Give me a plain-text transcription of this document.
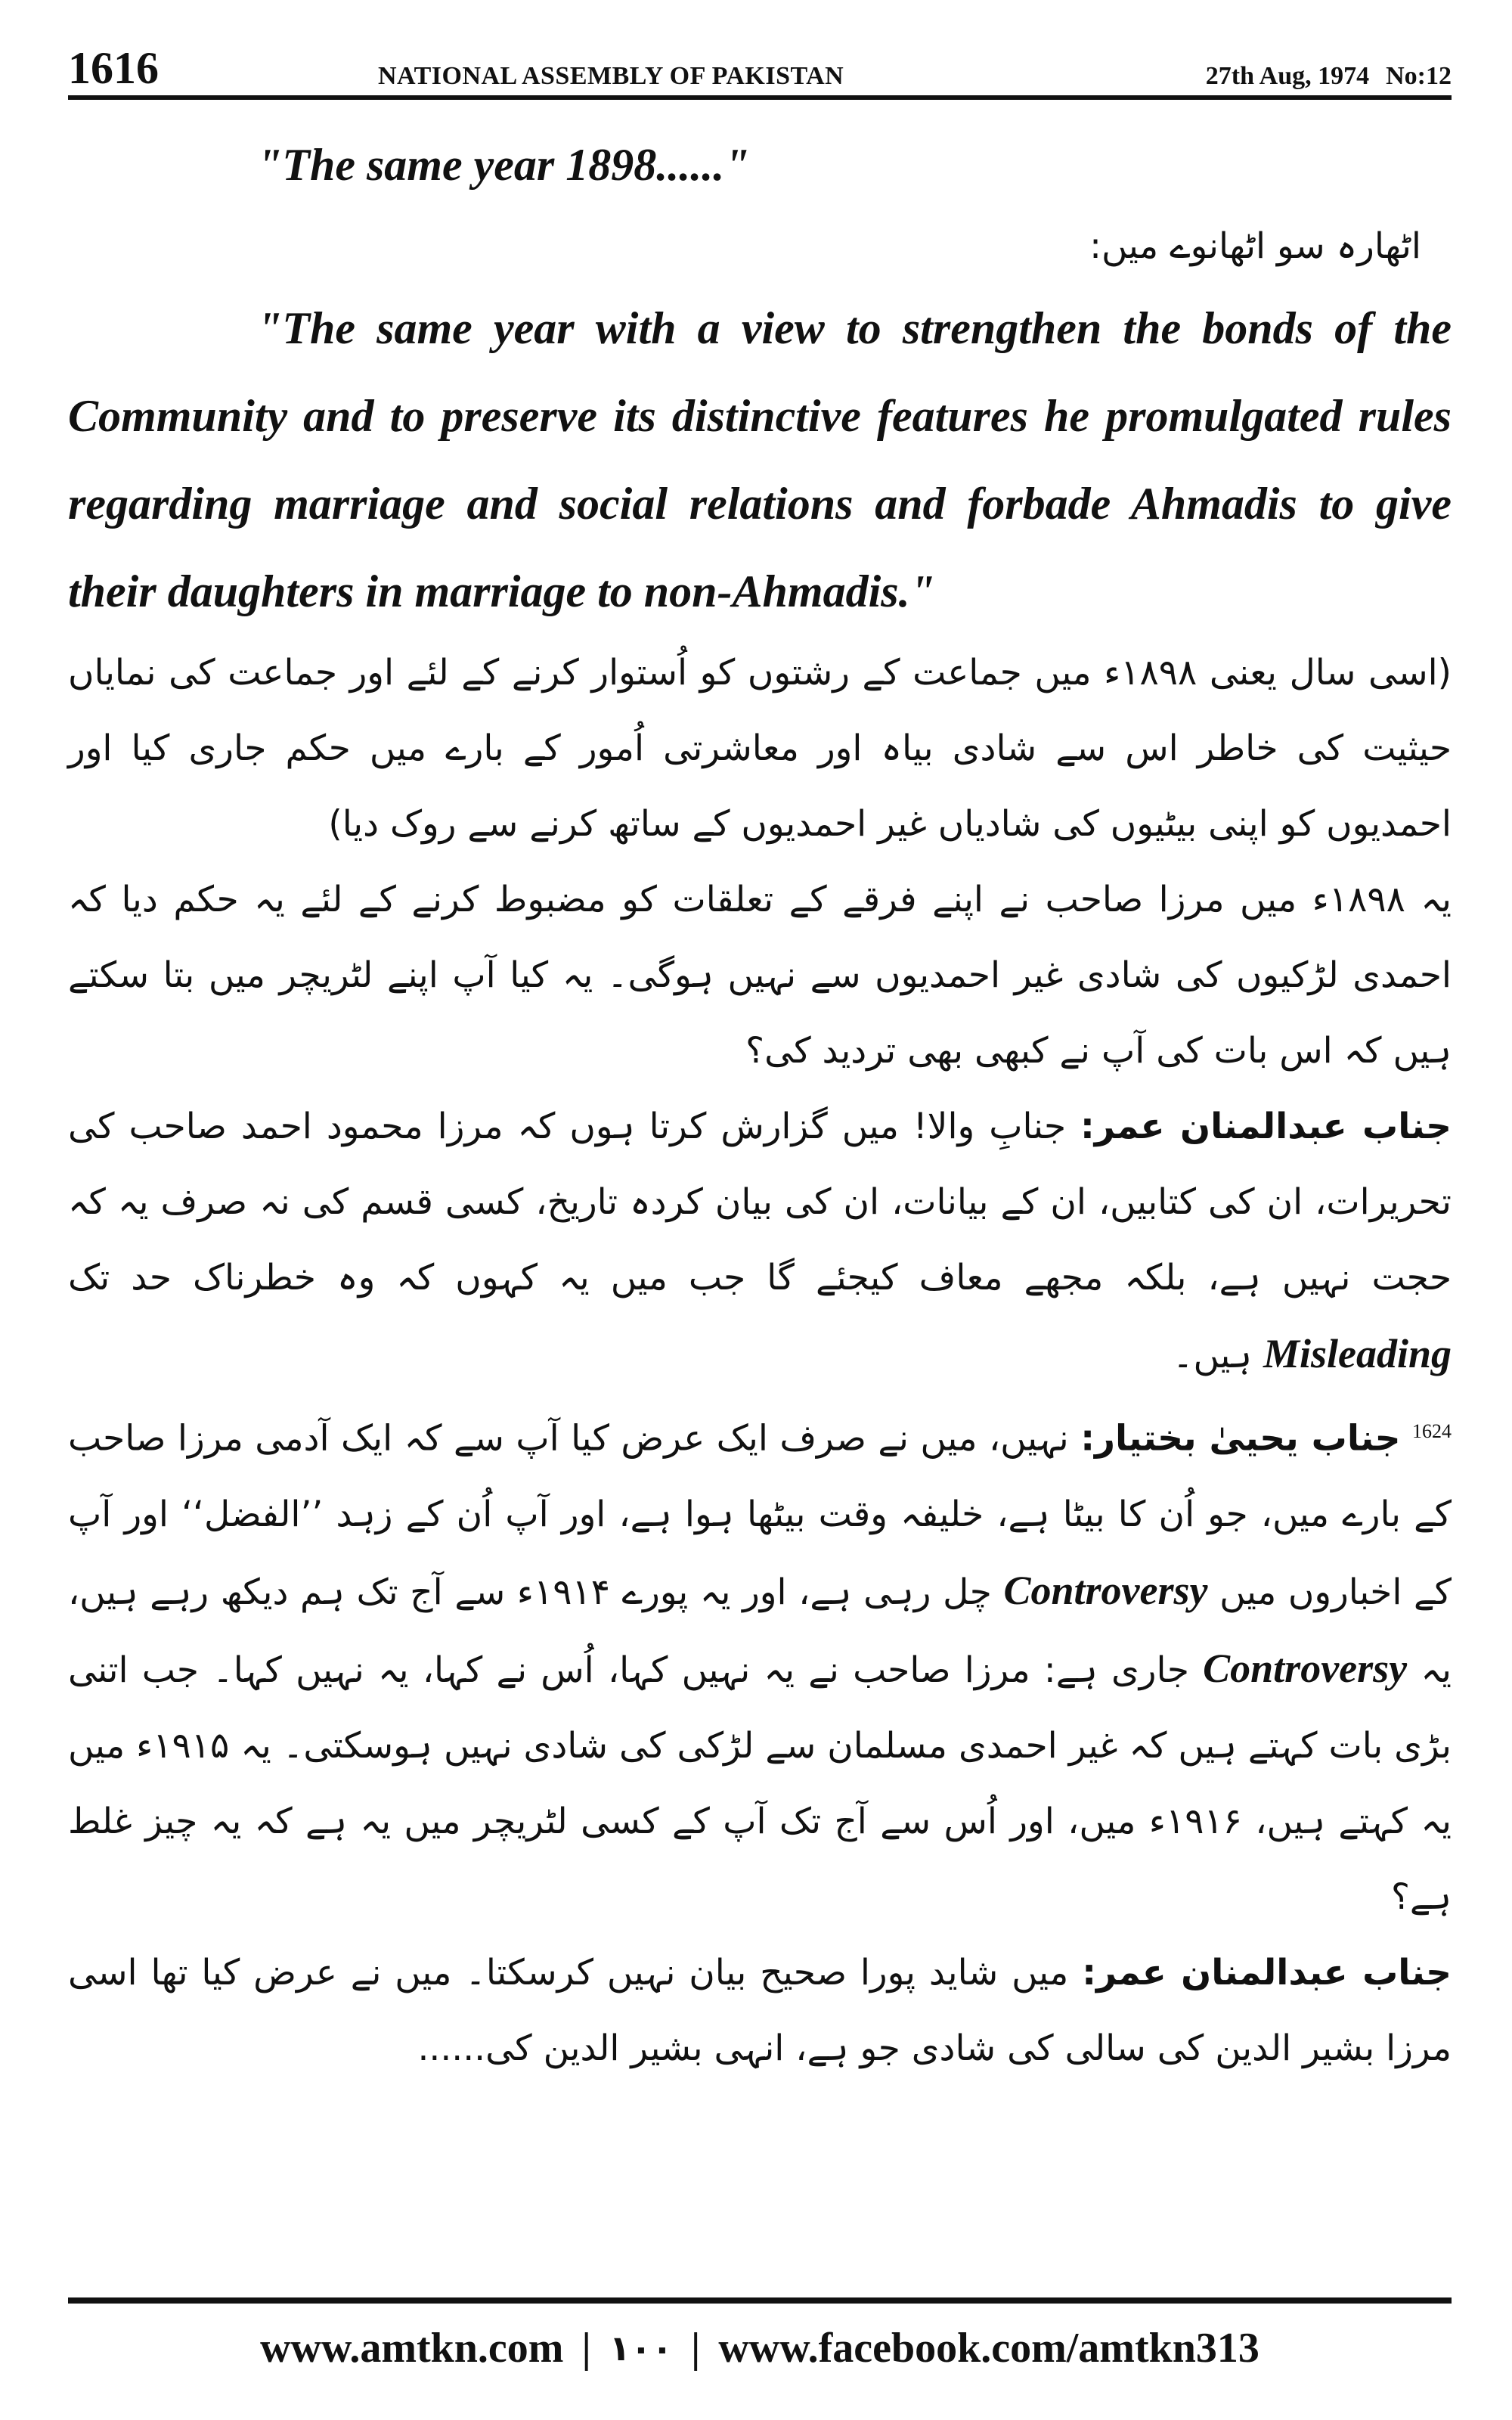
1616	NATIONAL ASSEMBLY OF PAKISTAN	27th Aug, 1974 No:12

"The same year 1898......"

اٹھارہ سو اٹھانوے میں:

"The same year with a view to strengthen the bonds of the Community and to preserve its distinctive features he promulgated rules regarding marriage and social relations and forbade Ahmadis to give their daughters in marriage to non-Ahmadis."

(اسی سال یعنی ۱۸۹۸ء میں جماعت کے رشتوں کو اُستوار کرنے کے لئے اور جماعت کی نمایاں حیثیت کی خاطر اس سے شادی بیاہ اور معاشرتی اُمور کے بارے میں حکم جاری کیا اور احمدیوں کو اپنی بیٹیوں کی شادیاں غیر احمدیوں کے ساتھ کرنے سے روک دیا)

یہ ۱۸۹۸ء میں مرزا صاحب نے اپنے فرقے کے تعلقات کو مضبوط کرنے کے لئے یہ حکم دیا کہ احمدی لڑکیوں کی شادی غیر احمدیوں سے نہیں ہوگی۔ یہ کیا آپ اپنے لٹریچر میں بتا سکتے ہیں کہ اس بات کی آپ نے کبھی بھی تردید کی؟

جناب عبدالمنان عمر: جنابِ والا! میں گزارش کرتا ہوں کہ مرزا محمود احمد صاحب کی تحریرات، ان کی کتابیں، ان کے بیانات، ان کی بیان کردہ تاریخ، کسی قسم کی نہ صرف یہ کہ حجت نہیں ہے، بلکہ مجھے معاف کیجئے گا جب میں یہ کہوں کہ وہ خطرناک حد تک Misleading ہیں۔

$^{1624}$ جناب یحییٰ بختیار: نہیں، میں نے صرف ایک عرض کیا آپ سے کہ ایک آدمی مرزا صاحب کے بارے میں، جو اُن کا بیٹا ہے، خلیفہ وقت بیٹھا ہوا ہے، اور آپ اُن کے زہد ’’الفضل‘‘ اور آپ کے اخباروں میں Controversy چل رہی ہے، اور یہ پورے ۱۹۱۴ء سے آج تک ہم دیکھ رہے ہیں، یہ Controversy جاری ہے: مرزا صاحب نے یہ نہیں کہا، اُس نے کہا، یہ نہیں کہا۔ جب اتنی بڑی بات کہتے ہیں کہ غیر احمدی مسلمان سے لڑکی کی شادی نہیں ہوسکتی۔ یہ ۱۹۱۵ء میں یہ کہتے ہیں، ۱۹۱۶ء میں، اور اُس سے آج تک آپ کے کسی لٹریچر میں یہ ہے کہ یہ چیز غلط ہے؟

جناب عبدالمنان عمر: میں شاید پورا صحیح بیان نہیں کرسکتا۔ میں نے عرض کیا تھا اسی مرزا بشیر الدین کی سالی کی شادی جو ہے، انہی بشیر الدین کی......

www.amtkn.com | ۱۰۰ | www.facebook.com/amtkn313
